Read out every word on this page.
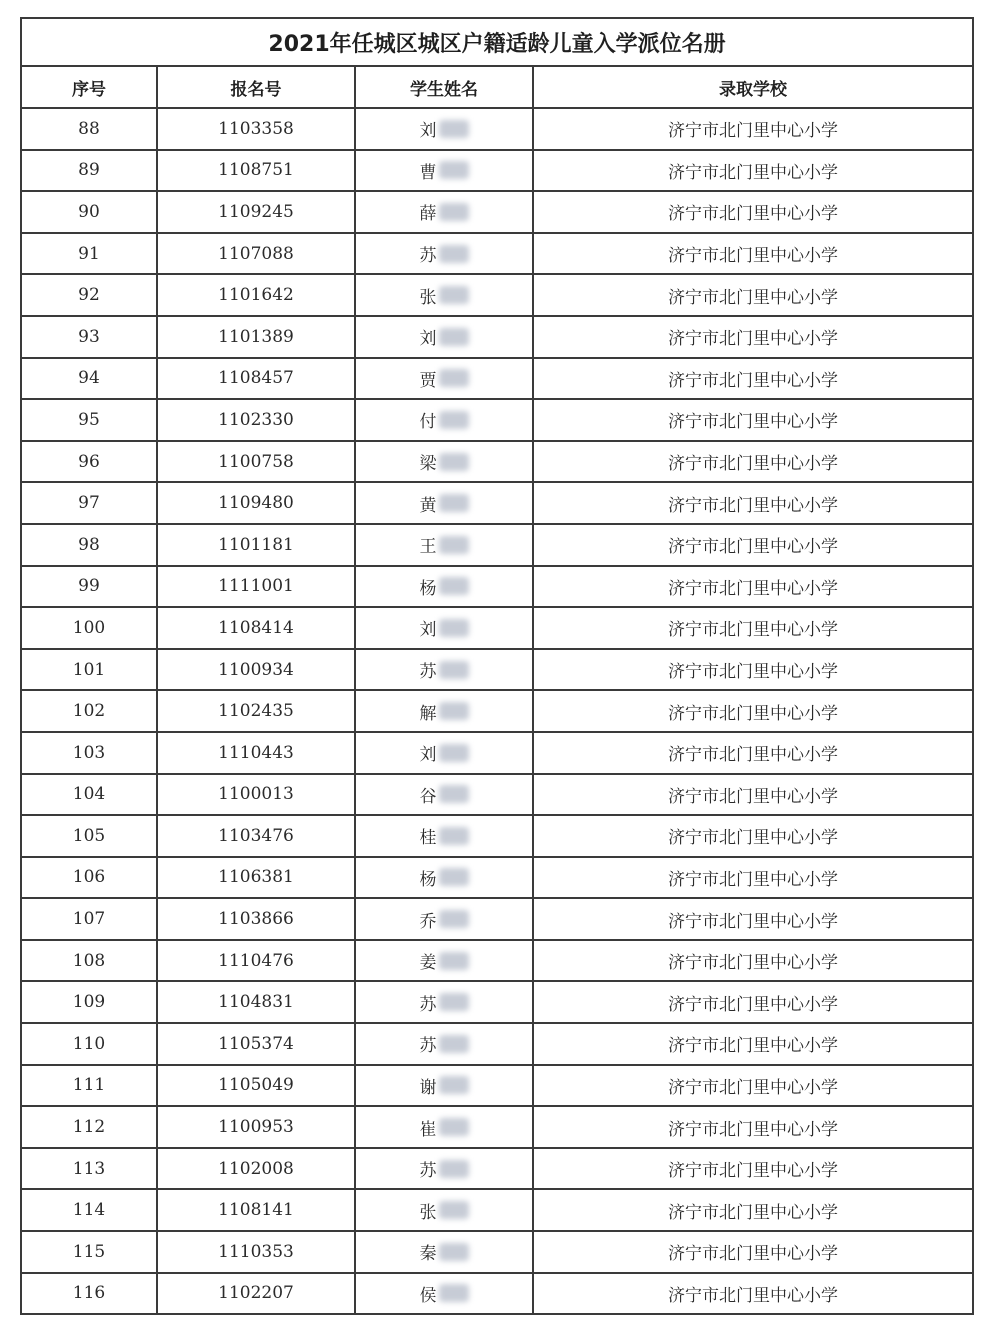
2021年任城区城区户籍适龄儿童入学派位名册			
序号	报名号	学生姓名	录取学校
88	1103358	刘	济宁市北门里中心小学
89	1108751	曹	济宁市北门里中心小学
90	1109245	薛	济宁市北门里中心小学
91	1107088	苏	济宁市北门里中心小学
92	1101642	张	济宁市北门里中心小学
93	1101389	刘	济宁市北门里中心小学
94	1108457	贾	济宁市北门里中心小学
95	1102330	付	济宁市北门里中心小学
96	1100758	梁	济宁市北门里中心小学
97	1109480	黄	济宁市北门里中心小学
98	1101181	王	济宁市北门里中心小学
99	1111001	杨	济宁市北门里中心小学
100	1108414	刘	济宁市北门里中心小学
101	1100934	苏	济宁市北门里中心小学
102	1102435	解	济宁市北门里中心小学
103	1110443	刘	济宁市北门里中心小学
104	1100013	谷	济宁市北门里中心小学
105	1103476	桂	济宁市北门里中心小学
106	1106381	杨	济宁市北门里中心小学
107	1103866	乔	济宁市北门里中心小学
108	1110476	姜	济宁市北门里中心小学
109	1104831	苏	济宁市北门里中心小学
110	1105374	苏	济宁市北门里中心小学
111	1105049	谢	济宁市北门里中心小学
112	1100953	崔	济宁市北门里中心小学
113	1102008	苏	济宁市北门里中心小学
114	1108141	张	济宁市北门里中心小学
115	1110353	秦	济宁市北门里中心小学
116	1102207	侯	济宁市北门里中心小学
